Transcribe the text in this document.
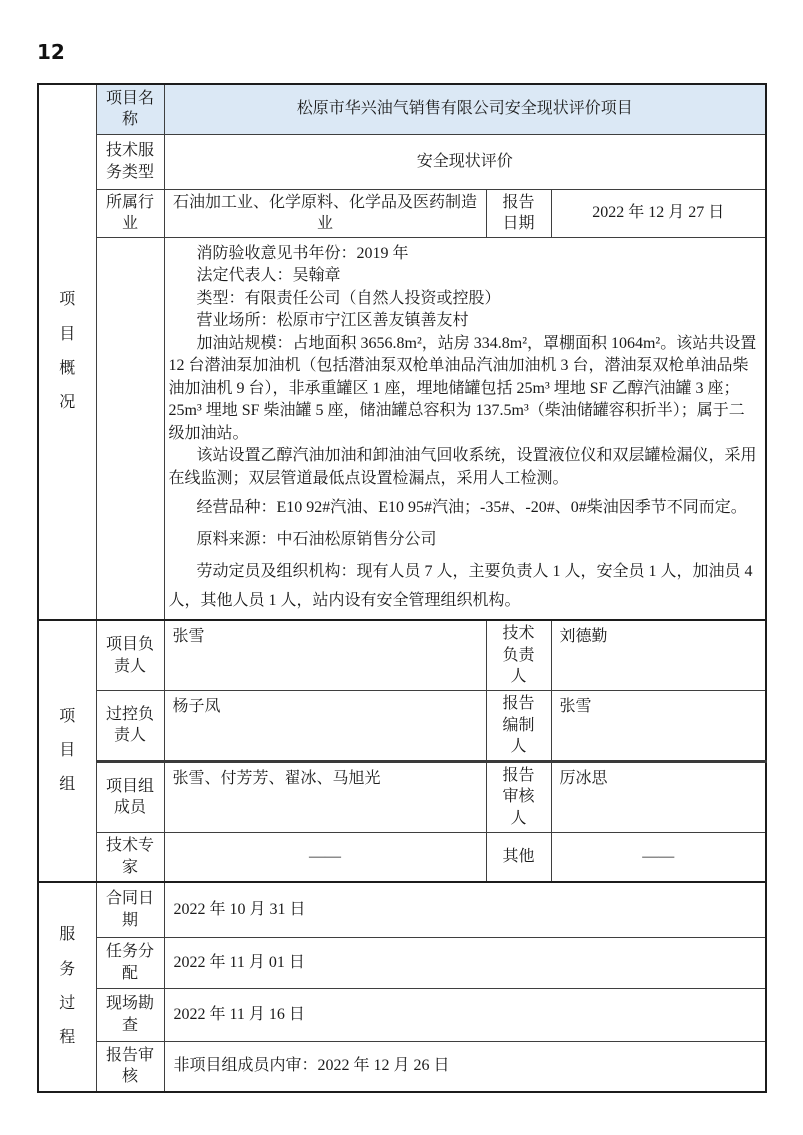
12
项目概况	项目名称	松原市华兴油气销售有限公司安全现状评价项目		
	技术服务类型	安全现状评价		
	所属行业	石油加工业、化学原料、化学品及医药制造业	报告日期	2022 年 12 月 27 日

消防验收意见书年份：2019 年

法定代表人：吴翰章

类型：有限责任公司（自然人投资或控股）

营业场所：松原市宁江区善友镇善友村

加油站规模：占地面积 3656.8m²，站房 334.8m²，罩棚面积 1064m²。该站共设置 12 台潜油泵加油机（包括潜油泵双枪单油品汽油加油机 3 台，潜油泵双枪单油品柴油加油机 9 台），非承重罐区 1 座，埋地储罐包括 25m³ 埋地 SF 乙醇汽油罐 3 座；25m³ 埋地 SF 柴油罐 5 座，储油罐总容积为 137.5m³（柴油储罐容积折半）；属于二级加油站。

该站设置乙醇汽油加油和卸油油气回收系统，设置液位仪和双层罐检漏仪，采用在线监测；双层管道最低点设置检漏点，采用人工检测。

经营品种：E10 92#汽油、E10 95#汽油；-35#、-20#、0#柴油因季节不同而定。

原料来源：中石油松原销售分公司

劳动定员及组织机构：现有人员 7 人，主要负责人 1 人，安全员 1 人，加油员 4 人，其他人员 1 人，站内设有安全管理组织机构。

项目组	项目负责人	张雪	技术负责人	刘德勤
	过控负责人	杨子凤	报告编制人	张雪
	项目组成员	张雪、付芳芳、翟冰、马旭光	报告审核人	厉冰思
	技术专家	——	其他	——
服务过程	合同日期	2022 年 10 月 31 日		
	任务分配	2022 年 11 月 01 日		
	现场勘查	2022 年 11 月 16 日		
	报告审核	非项目组成员内审：2022 年 12 月 26 日		
